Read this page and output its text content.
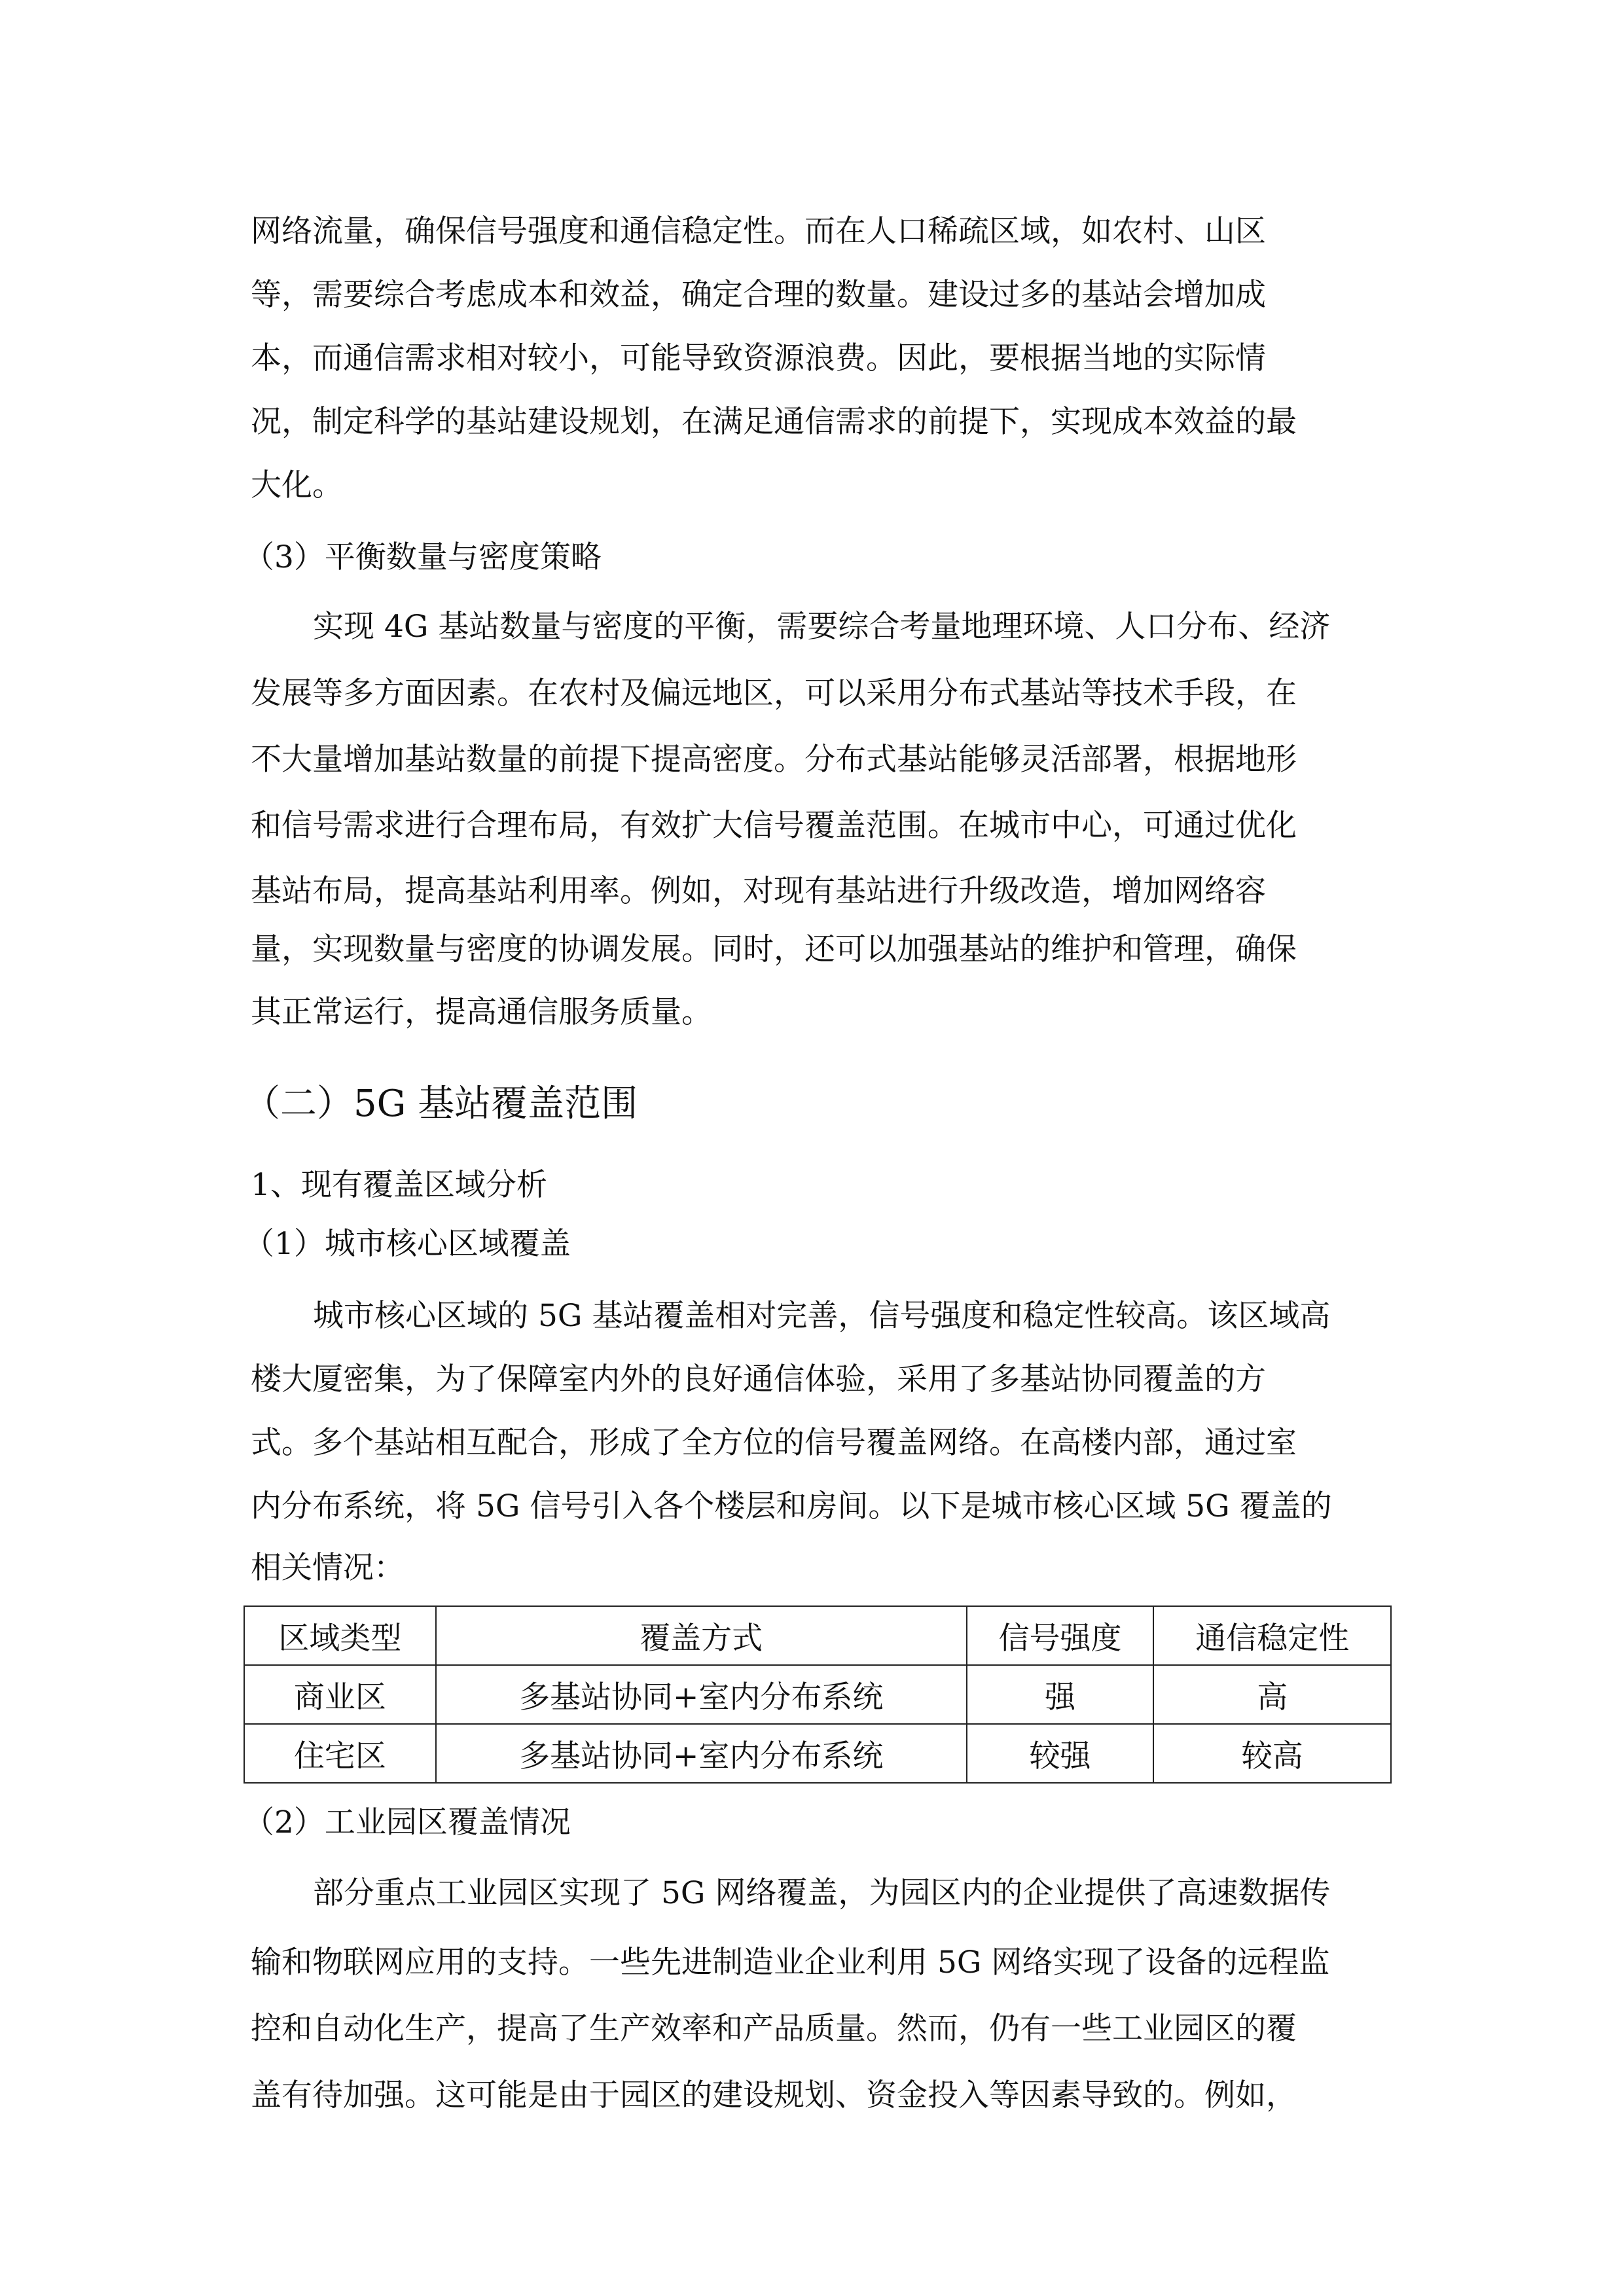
网络流量，确保信号强度和通信稳定性。而在人口稀疏区域，如农村、山区
等，需要综合考虑成本和效益，确定合理的数量。建设过多的基站会增加成
本，而通信需求相对较小，可能导致资源浪费。因此，要根据当地的实际情
况，制定科学的基站建设规划，在满足通信需求的前提下，实现成本效益的最
大化。
（3）平衡数量与密度策略
实现 4G 基站数量与密度的平衡，需要综合考量地理环境、人口分布、经济
发展等多方面因素。在农村及偏远地区，可以采用分布式基站等技术手段，在
不大量增加基站数量的前提下提高密度。分布式基站能够灵活部署，根据地形
和信号需求进行合理布局，有效扩大信号覆盖范围。在城市中心，可通过优化
基站布局，提高基站利用率。例如，对现有基站进行升级改造，增加网络容
量，实现数量与密度的协调发展。同时，还可以加强基站的维护和管理，确保
其正常运行，提高通信服务质量。
（二）5G 基站覆盖范围
1、现有覆盖区域分析
（1）城市核心区域覆盖
城市核心区域的 5G 基站覆盖相对完善，信号强度和稳定性较高。该区域高
楼大厦密集，为了保障室内外的良好通信体验，采用了多基站协同覆盖的方
式。多个基站相互配合，形成了全方位的信号覆盖网络。在高楼内部，通过室
内分布系统，将 5G 信号引入各个楼层和房间。以下是城市核心区域 5G 覆盖的
相关情况：
区域类型	覆盖方式	信号强度	通信稳定性
商业区	多基站协同+室内分布系统	强	高
住宅区	多基站协同+室内分布系统	较强	较高
（2）工业园区覆盖情况
部分重点工业园区实现了 5G 网络覆盖，为园区内的企业提供了高速数据传
输和物联网应用的支持。一些先进制造业企业利用 5G 网络实现了设备的远程监
控和自动化生产，提高了生产效率和产品质量。然而，仍有一些工业园区的覆
盖有待加强。这可能是由于园区的建设规划、资金投入等因素导致的。例如，
